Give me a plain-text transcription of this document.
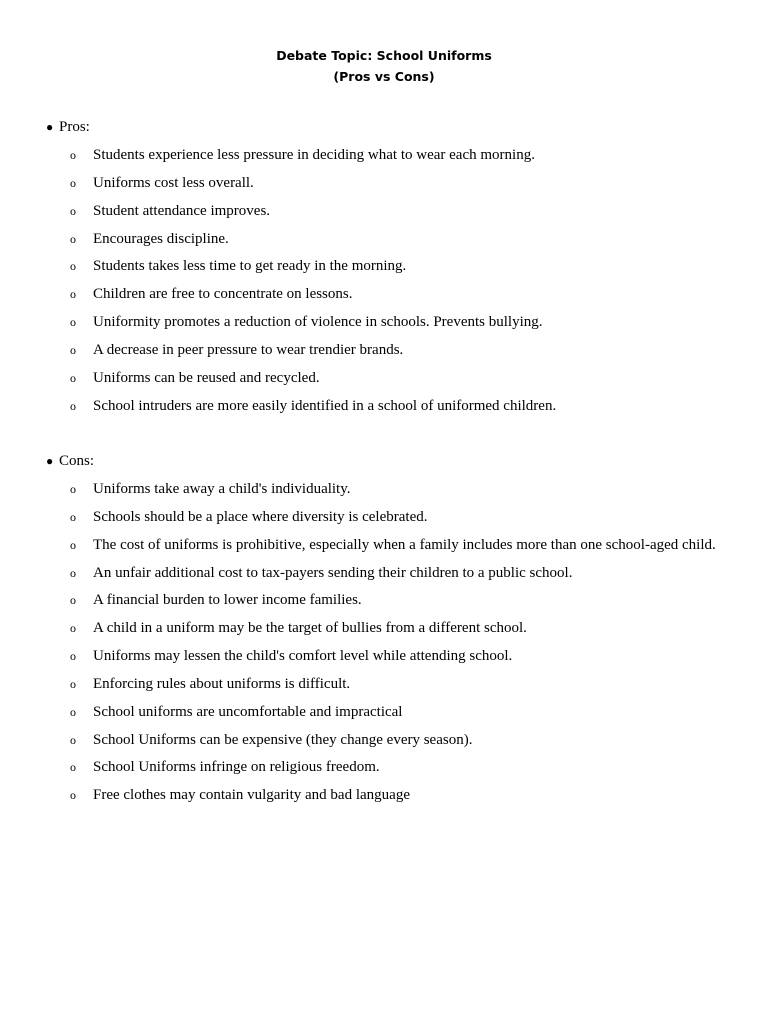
Debate Topic: School Uniforms
(Pros vs Cons)
● Pros:
o Students experience less pressure in deciding what to wear each morning.
o Uniforms cost less overall.
o Student attendance improves.
o Encourages discipline.
o Students takes less time to get ready in the morning.
o Children are free to concentrate on lessons.
o Uniformity promotes a reduction of violence in schools. Prevents bullying.
o A decrease in peer pressure to wear trendier brands.
o Uniforms can be reused and recycled.
o School intruders are more easily identified in a school of uniformed children.
● Cons:
o Uniforms take away a child's individuality.
o Schools should be a place where diversity is celebrated.
o The cost of uniforms is prohibitive, especially when a family includes more than one school-aged child.
o An unfair additional cost to tax-payers sending their children to a public school.
o A financial burden to lower income families.
o A child in a uniform may be the target of bullies from a different school.
o Uniforms may lessen the child's comfort level while attending school.
o Enforcing rules about uniforms is difficult.
o School uniforms are uncomfortable and impractical
o School Uniforms can be expensive (they change every season).
o School Uniforms infringe on religious freedom.
o Free clothes may contain vulgarity and bad language
